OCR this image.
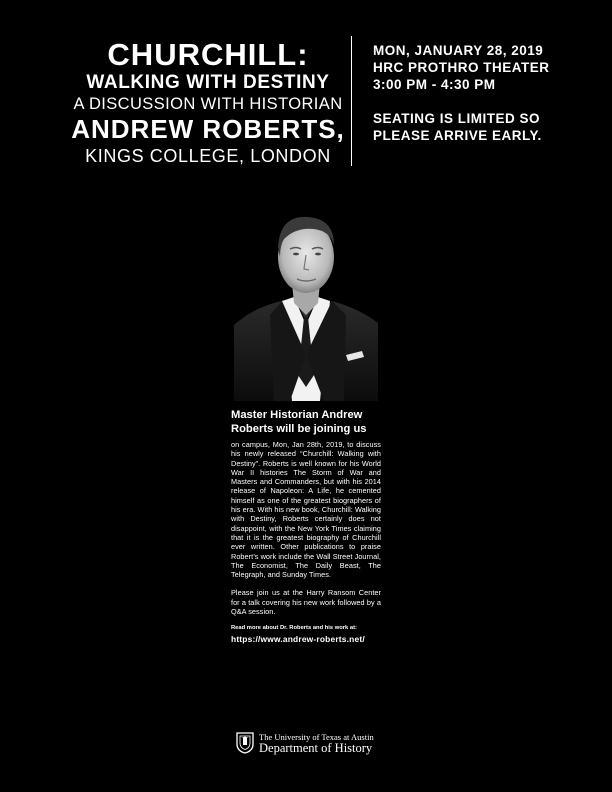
CHURCHILL:
WALKING WITH DESTINY
A DISCUSSION WITH HISTORIAN
ANDREW ROBERTS,
KINGS COLLEGE, LONDON
MON, JANUARY 28, 2019
HRC PROTHRO THEATER
3:00 PM - 4:30 PM
SEATING IS LIMITED SO
PLEASE ARRIVE EARLY.

Master Historian Andrew Roberts will be joining us

on campus, Mon, Jan 28th, 2019, to discuss his newly released “Churchill: Walking with Destiny”. Roberts is well known for his World War II histories The Storm of War and Masters and Commanders, but with his 2014 release of Napoleon: A Life, he cemented himself as one of the greatest biographers of his era. With his new book, Churchill: Walking with Destiny, Roberts certainly does not disappoint, with the New York Times claiming that it is the greatest biography of Churchill ever written. Other publications to praise Robert’s work include the Wall Street Journal, The Economist, The Daily Beast, The Telegraph, and Sunday Times.

Please join us at the Harry Ransom Center for a talk covering his new work followed by a Q&A session.

Read more about Dr. Roberts and his work at:
https://www.andrew-roberts.net/
The University of Texas at Austin
Department of History
